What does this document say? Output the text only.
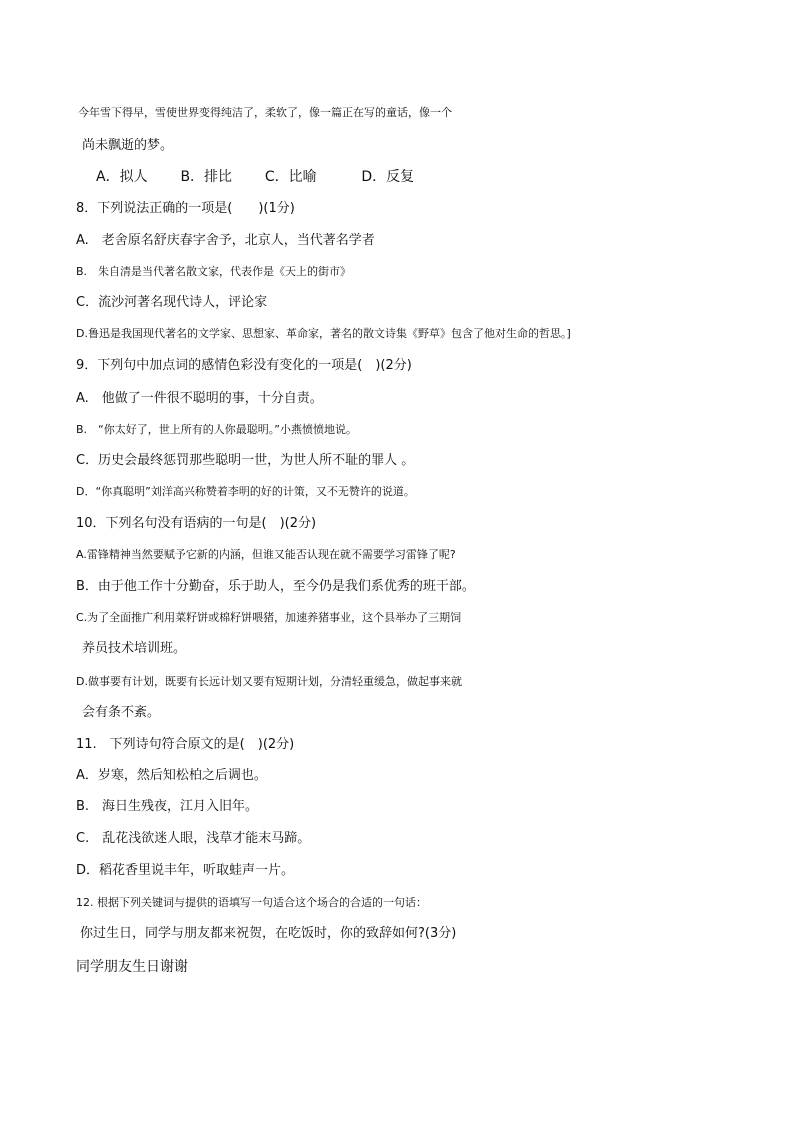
今年雪下得早，雪使世界变得纯洁了，柔软了，像一篇正在写的童话，像一个
尚未飘逝的梦。
A．拟人 B．排比 C．比喻	D．反复
8．下列说法正确的一项是(　　)(1分)
A.　老舍原名舒庆春字舍予，北京人，当代著名学者
B.　朱自清是当代著名散文家，代表作是《天上的街市》
C．流沙河著名现代诗人，评论家
D.鲁迅是我国现代著名的文学家、思想家、革命家，著名的散文诗集《野草》包含了他对生命的哲思。]
9．下列句中加点词的感情色彩没有变化的一项是(　)(2分)
A.　他做了一件很不聪明的事，十分自责。
B.　“你太好了，世上所有的人你最聪明。”小燕愤愤地说。
C．历史会最终惩罚那些聪明一世，为世人所不耻的罪人 。
D．“你真聪明”刘洋高兴称赞着李明的好的计策，又不无赞许的说道。
10．下列名句没有语病的一句是(　)(2分)
A.雷锋精神当然要赋予它新的内涵，但谁又能否认现在就不需要学习雷锋了呢?
B．由于他工作十分勤奋，乐于助人，至今仍是我们系优秀的班干部。
C.为了全面推广利用菜籽饼或棉籽饼喂猪，加速养猪事业，这个县举办了三期饲
养员技术培训班。
D.做事要有计划，既要有长远计划又要有短期计划，分清轻重缓急，做起事来就
会有条不紊。
11.　下列诗句符合原文的是(　)(2分)
A．岁寒，然后知松柏之后调也。
B.　海日生残夜，江月入旧年。
C.　乱花浅欲迷人眼，浅草才能末马蹄。
D．稻花香里说丰年，听取蛙声一片。
12. 根据下列关键词与提供的语填写一句适合这个场合的合适的一句话：
你过生日，同学与朋友都来祝贺，在吃饭时，你的致辞如何?(3分)
同学朋友生日谢谢
